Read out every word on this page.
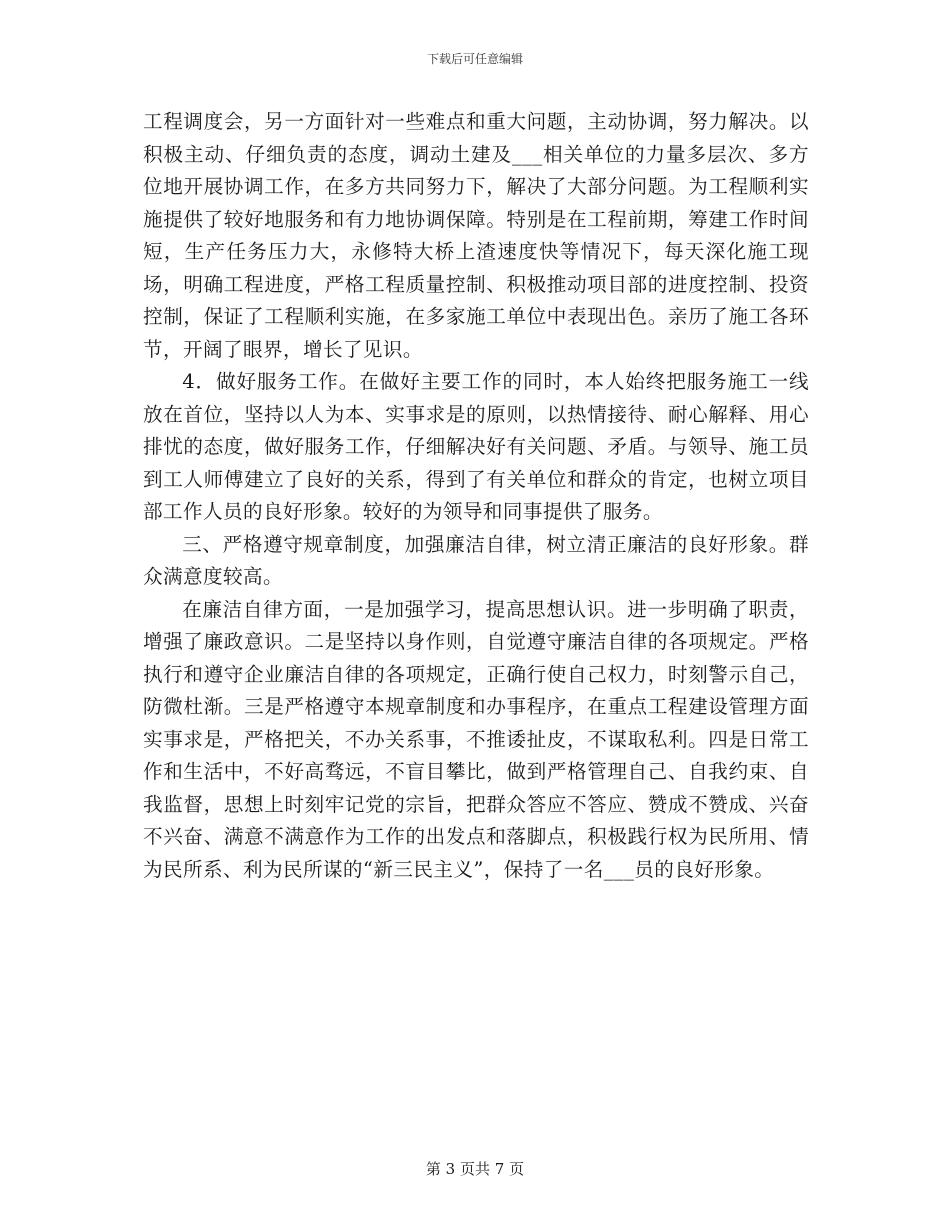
下载后可任意编辑

工程调度会，另一方面针对一些难点和重大问题，主动协调，努力解决。以积极主动、仔细负责的态度，调动土建及___相关单位的力量多层次、多方位地开展协调工作，在多方共同努力下，解决了大部分问题。为工程顺利实施提供了较好地服务和有力地协调保障。特别是在工程前期，筹建工作时间短，生产任务压力大，永修特大桥上渣速度快等情况下，每天深化施工现场，明确工程进度，严格工程质量控制、积极推动项目部的进度控制、投资控制，保证了工程顺利实施，在多家施工单位中表现出色。亲历了施工各环节，开阔了眼界，增长了见识。

4．做好服务工作。在做好主要工作的同时，本人始终把服务施工一线放在首位，坚持以人为本、实事求是的原则，以热情接待、耐心解释、用心排忧的态度，做好服务工作，仔细解决好有关问题、矛盾。与领导、施工员到工人师傅建立了良好的关系，得到了有关单位和群众的肯定，也树立项目部工作人员的良好形象。较好的为领导和同事提供了服务。

三、严格遵守规章制度，加强廉洁自律，树立清正廉洁的良好形象。群众满意度较高。

在廉洁自律方面，一是加强学习，提高思想认识。进一步明确了职责，增强了廉政意识。二是坚持以身作则，自觉遵守廉洁自律的各项规定。严格执行和遵守企业廉洁自律的各项规定，正确行使自己权力，时刻警示自己，防微杜渐。三是严格遵守本规章制度和办事程序，在重点工程建设管理方面实事求是，严格把关，不办关系事，不推诿扯皮，不谋取私利。四是日常工作和生活中，不好高骛远，不盲目攀比，做到严格管理自己、自我约束、自我监督，思想上时刻牢记党的宗旨，把群众答应不答应、赞成不赞成、兴奋不兴奋、满意不满意作为工作的出发点和落脚点，积极践行权为民所用、情为民所系、利为民所谋的“新三民主义”，保持了一名___员的良好形象。

第 3 页共 7 页
